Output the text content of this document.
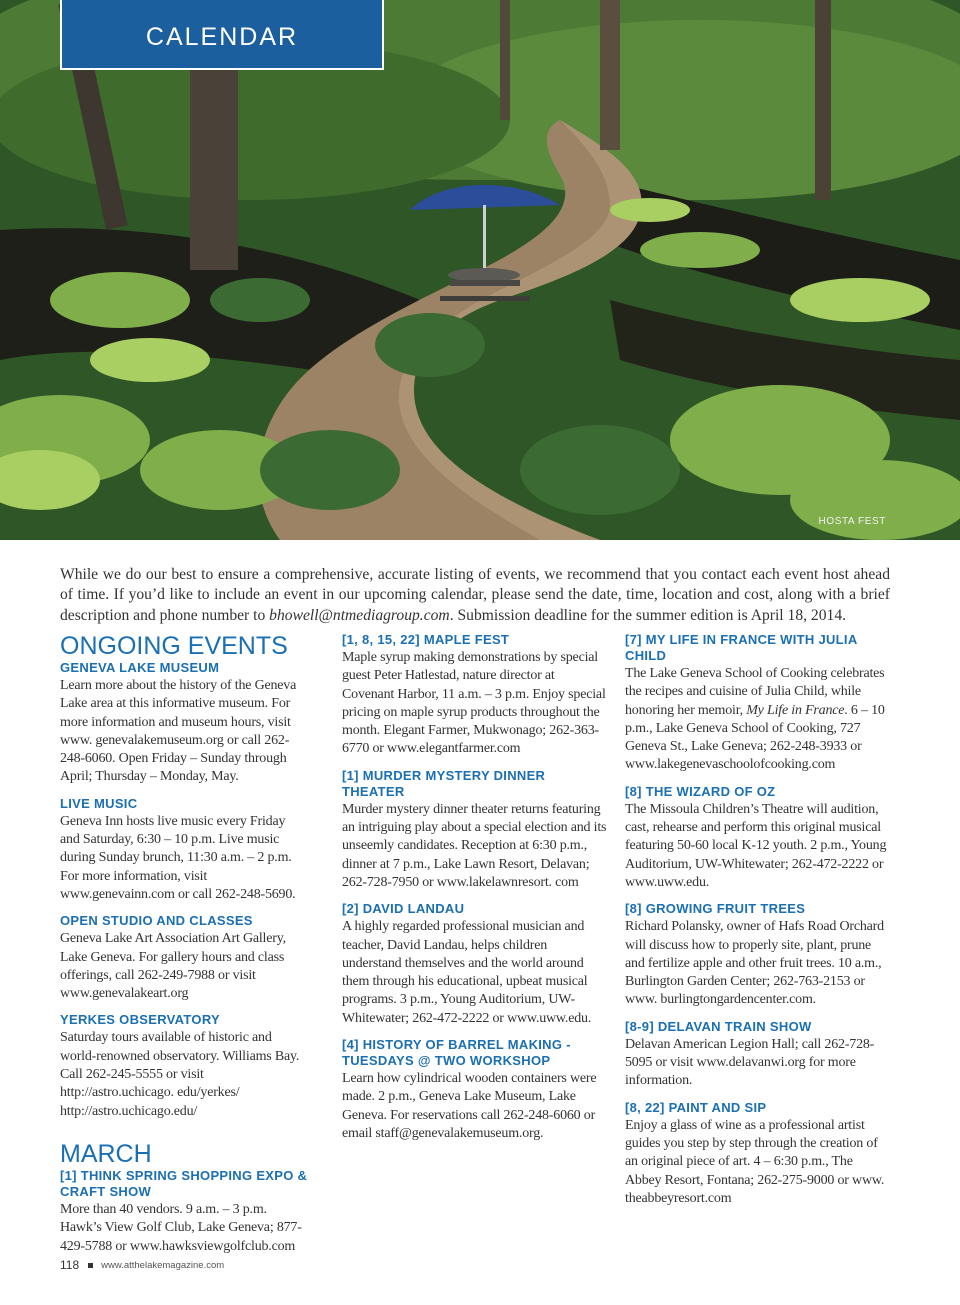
CALENDAR
HOSTA FEST

While we do our best to ensure a comprehensive, accurate listing of events, we recommend that you contact each event host ahead of time. If you’d like to include an event in our upcoming calendar, please send the date, time, location and cost, along with a brief description and phone number to bhowell@ntmediagroup.com. Submission deadline for the summer edition is April 18, 2014.

ONGOING EVENTS
GENEVA LAKE MUSEUM

Learn more about the history of the Geneva Lake area at this informative museum. For more information and museum hours, visit www. genevalakemuseum.org or call 262-248-6060. Open Friday – Sunday through April; Thursday – Monday, May.

LIVE MUSIC

Geneva Inn hosts live music every Friday and Saturday, 6:30 – 10 p.m. Live music during Sunday brunch, 11:30 a.m. – 2 p.m. For more information, visit www.genevainn.com or call 262-248-5690.

OPEN STUDIO AND CLASSES

Geneva Lake Art Association Art Gallery, Lake Geneva. For gallery hours and class offerings, call 262-249-7988 or visit www.genevalakeart.org

YERKES OBSERVATORY

Saturday tours available of historic and world-renowned observatory. Williams Bay. Call 262-245-5555 or visit http://astro.uchicago. edu/yerkes/ http://astro.uchicago.edu/

MARCH
[1] THINK SPRING SHOPPING EXPO & CRAFT SHOW

More than 40 vendors. 9 a.m. – 3 p.m. Hawk’s View Golf Club, Lake Geneva; 877-429-5788 or www.hawksviewgolfclub.com

[1, 8, 15, 22] MAPLE FEST

Maple syrup making demonstrations by special guest Peter Hatlestad, nature director at Covenant Harbor, 11 a.m. – 3 p.m. Enjoy special pricing on maple syrup products throughout the month. Elegant Farmer, Mukwonago; 262-363-6770 or www.elegantfarmer.com

[1] MURDER MYSTERY DINNER THEATER

Murder mystery dinner theater returns featuring an intriguing play about a special election and its unseemly candidates. Reception at 6:30 p.m., dinner at 7 p.m., Lake Lawn Resort, Delavan; 262-728-7950 or www.lakelawnresort. com

[2] DAVID LANDAU

A highly regarded professional musician and teacher, David Landau, helps children understand themselves and the world around them through his educational, upbeat musical programs. 3 p.m., Young Auditorium, UW-Whitewater; 262-472-2222 or www.uww.edu.

[4] HISTORY OF BARREL MAKING - TUESDAYS @ TWO WORKSHOP

Learn how cylindrical wooden containers were made. 2 p.m., Geneva Lake Museum, Lake Geneva. For reservations call 262-248-6060 or email staff@genevalakemuseum.org.

[7] MY LIFE IN FRANCE WITH JULIA CHILD

The Lake Geneva School of Cooking celebrates the recipes and cuisine of Julia Child, while honoring her memoir, My Life in France. 6 – 10 p.m., Lake Geneva School of Cooking, 727 Geneva St., Lake Geneva; 262-248-3933 or www.lakegenevaschoolofcooking.com

[8] THE WIZARD OF OZ

The Missoula Children’s Theatre will audition, cast, rehearse and perform this original musical featuring 50-60 local K-12 youth. 2 p.m., Young Auditorium, UW-Whitewater; 262-472-2222 or www.uww.edu.

[8] GROWING FRUIT TREES

Richard Polansky, owner of Hafs Road Orchard will discuss how to properly site, plant, prune and fertilize apple and other fruit trees. 10 a.m., Burlington Garden Center; 262-763-2153 or www. burlingtongardencenter.com.

[8-9] DELAVAN TRAIN SHOW

Delavan American Legion Hall; call 262-728-5095 or visit www.delavanwi.org for more information.

[8, 22] PAINT AND SIP

Enjoy a glass of wine as a professional artist guides you step by step through the creation of an original piece of art. 4 – 6:30 p.m., The Abbey Resort, Fontana; 262-275-9000 or www. theabbeyresort.com

118 www.atthelakemagazine.com
